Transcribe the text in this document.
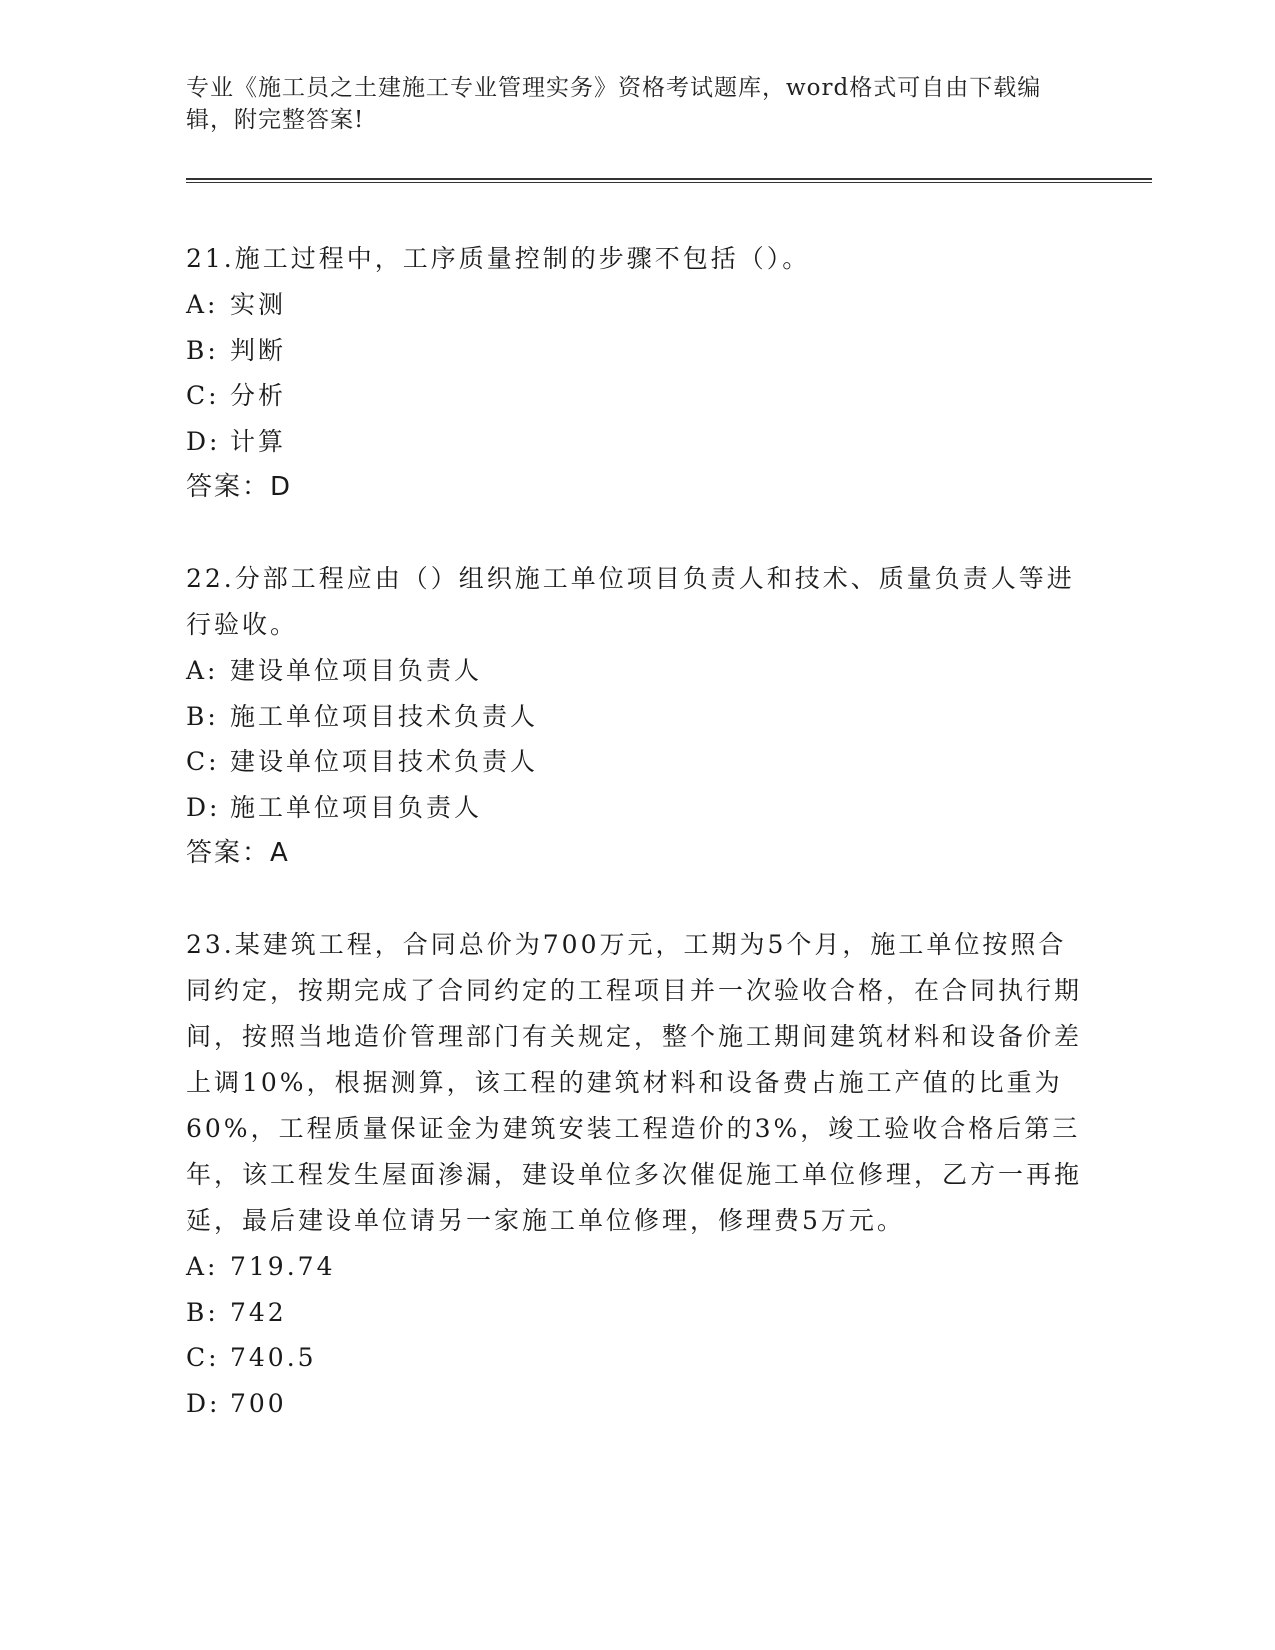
专业《施工员之土建施工专业管理实务》资格考试题库，word格式可自由下载编辑，附完整答案!

21.施工过程中，工序质量控制的步骤不包括（）。

A: 实测

B: 判断

C: 分析

D: 计算

答案：D

22.分部工程应由（）组织施工单位项目负责人和技术、质量负责人等进行验收。

A: 建设单位项目负责人

B: 施工单位项目技术负责人

C: 建设单位项目技术负责人

D: 施工单位项目负责人

答案：A

23.某建筑工程，合同总价为700万元，工期为5个月，施工单位按照合同约定，按期完成了合同约定的工程项目并一次验收合格，在合同执行期间，按照当地造价管理部门有关规定，整个施工期间建筑材料和设备价差上调10%，根据测算，该工程的建筑材料和设备费占施工产值的比重为60%，工程质量保证金为建筑安装工程造价的3%，竣工验收合格后第三年，该工程发生屋面渗漏，建设单位多次催促施工单位修理，乙方一再拖延，最后建设单位请另一家施工单位修理，修理费5万元。

A: 719.74

B: 742

C: 740.5

D: 700
